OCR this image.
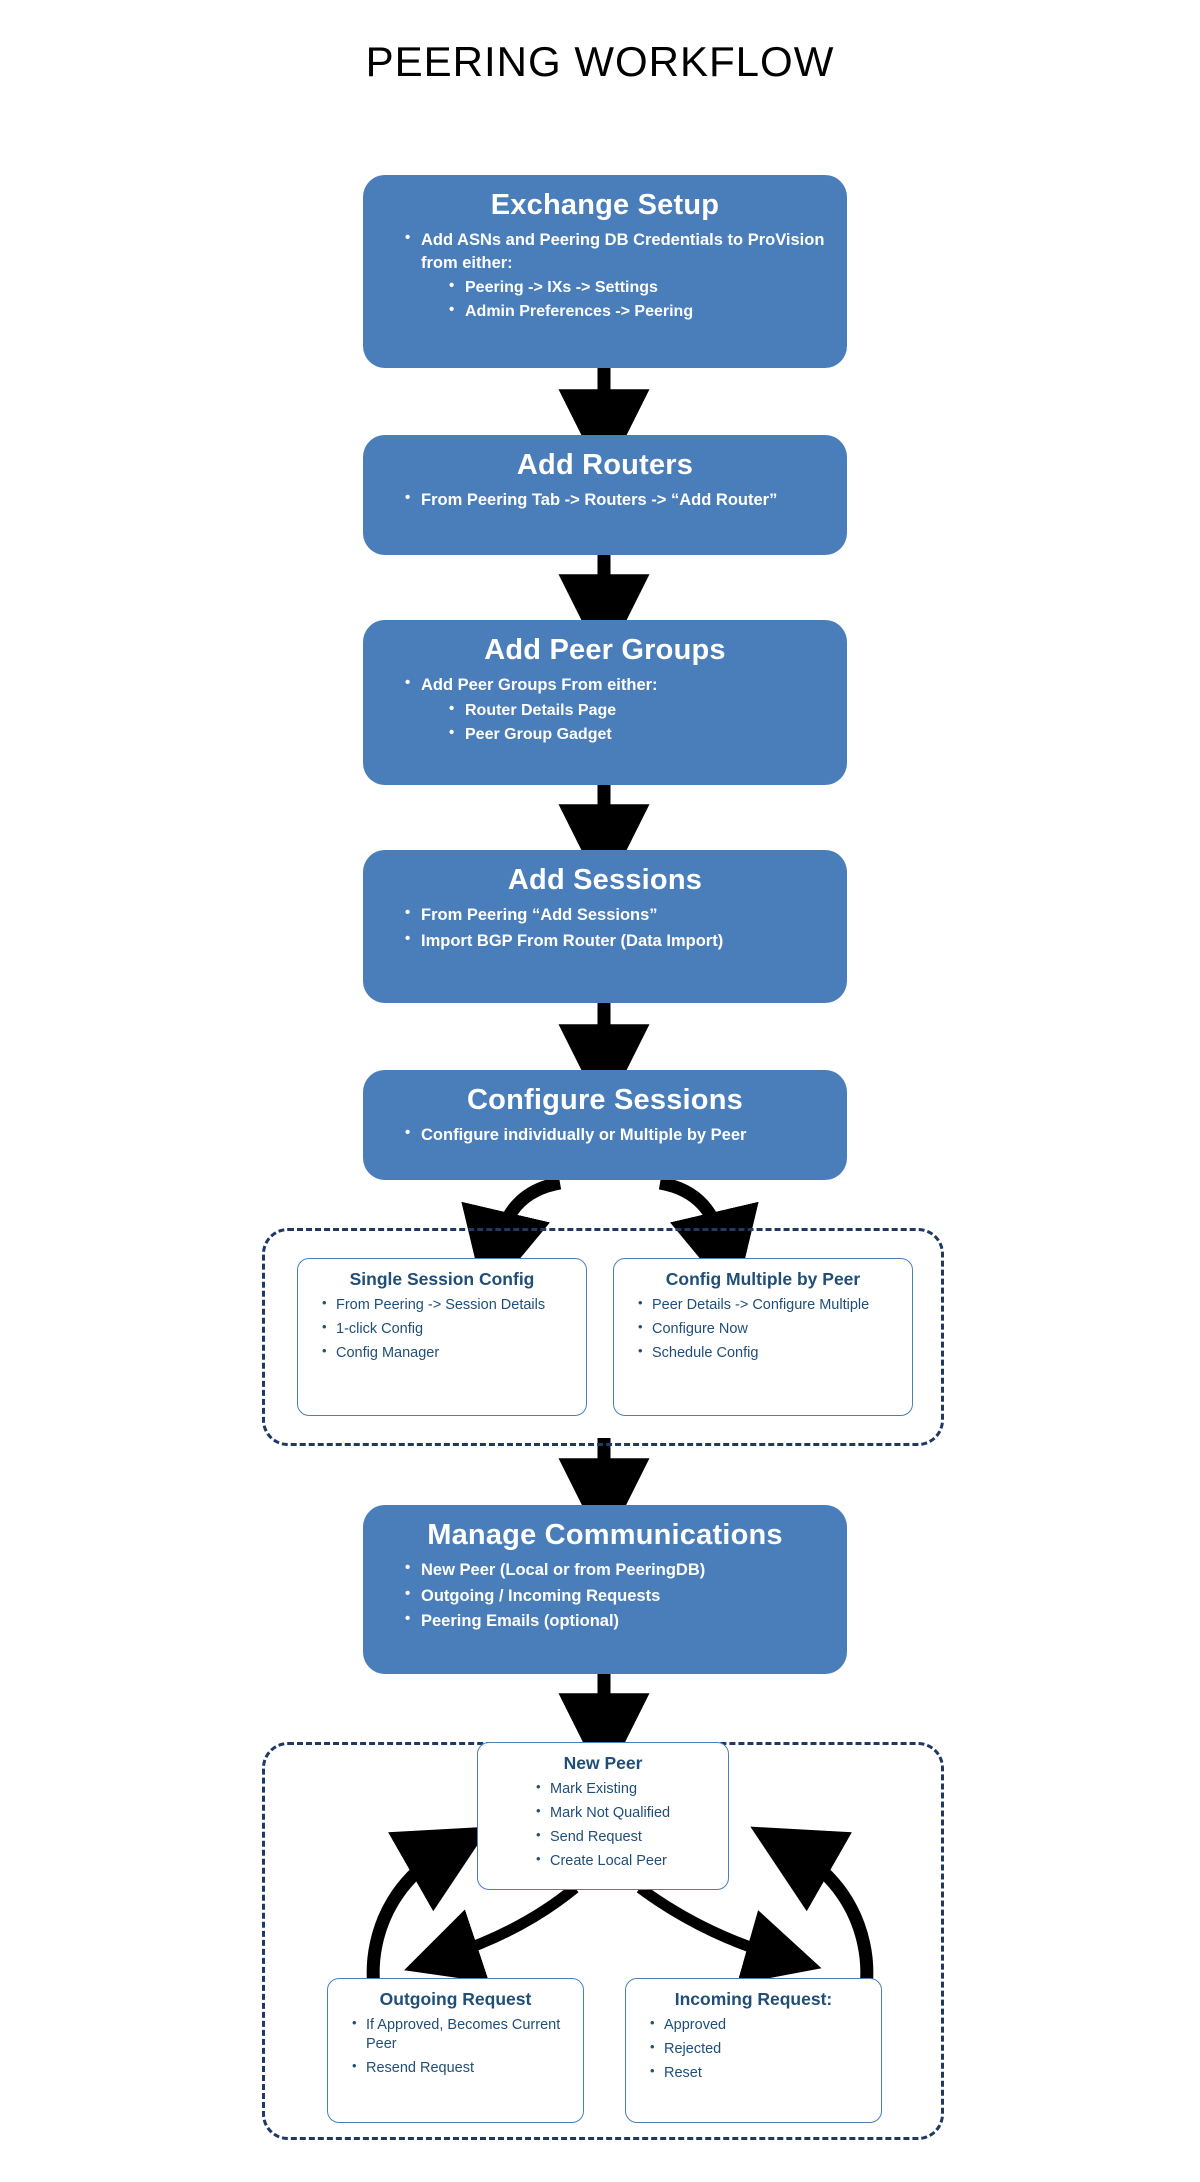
PEERING WORKFLOW
Exchange Setup
• Add ASNs and Peering DB Credentials to ProVision from either:
• Peering -> IXs -> Settings
• Admin Preferences -> Peering
Add Routers
• From Peering Tab -> Routers -> “Add Router”
Add Peer Groups
• Add Peer Groups From either:
• Router Details Page
• Peer Group Gadget
Add Sessions
• From Peering “Add Sessions”
• Import BGP From Router (Data Import)
Configure Sessions
• Configure individually or Multiple by Peer
Single Session Config
• From Peering -> Session Details
• 1-click Config
• Config Manager
Config Multiple by Peer
• Peer Details -> Configure Multiple
• Configure Now
• Schedule Config
Manage Communications
• New Peer (Local or from PeeringDB)
• Outgoing / Incoming Requests
• Peering Emails (optional)
New Peer
• Mark Existing
• Mark Not Qualified
• Send Request
• Create Local Peer
Outgoing Request
• If Approved, Becomes Current Peer
• Resend Request
Incoming Request:
• Approved
• Rejected
• Reset
